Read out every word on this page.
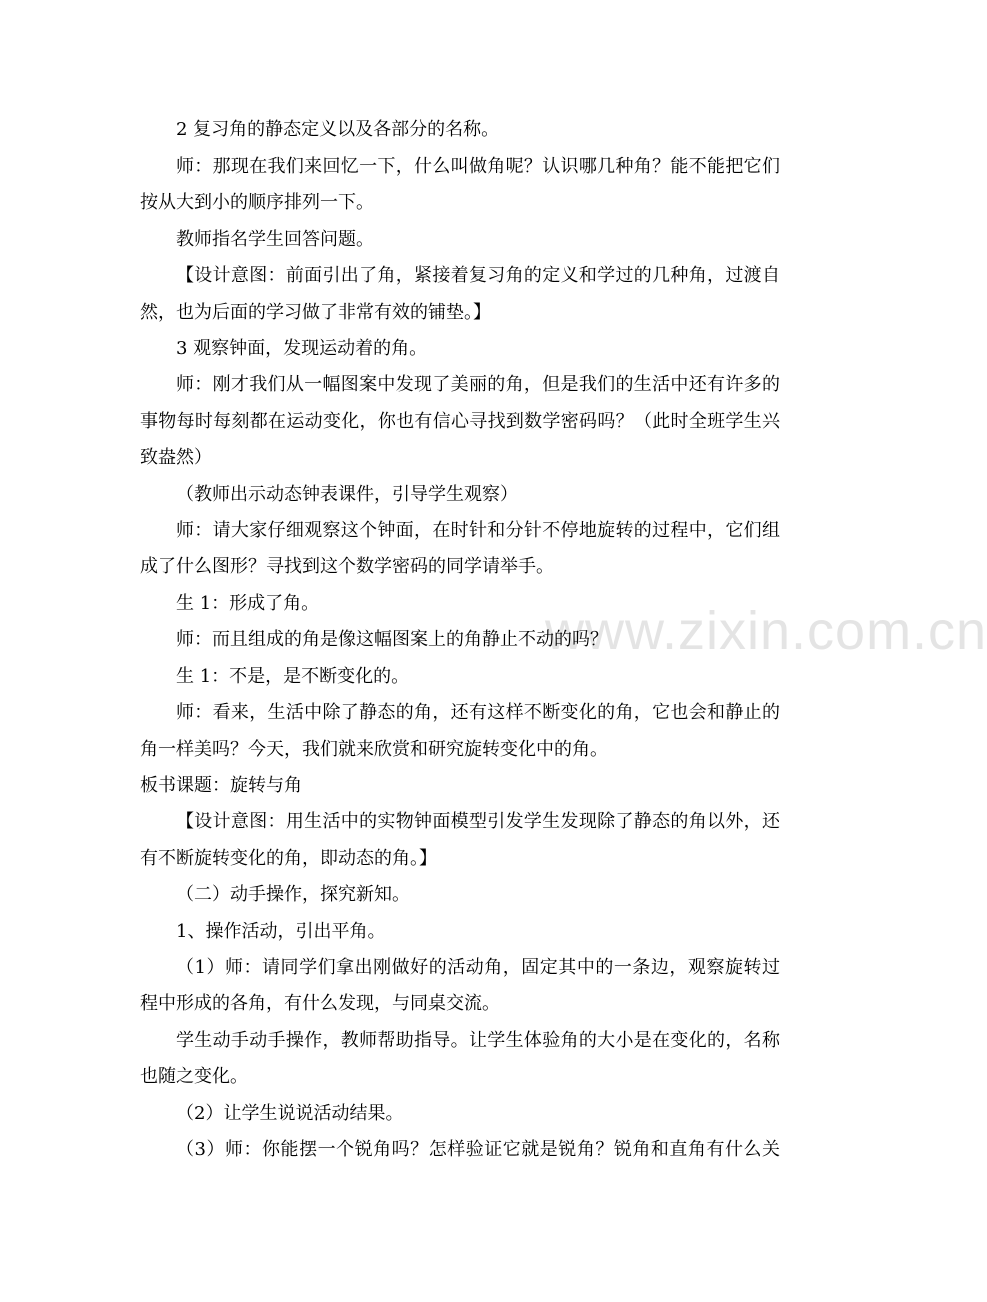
www.zixin.com.cn

2 复习角的静态定义以及各部分的名称。

师：那现在我们来回忆一下，什么叫做角呢？认识哪几种角？能不能把它们

按从大到小的顺序排列一下。

教师指名学生回答问题。

【设计意图：前面引出了角，紧接着复习角的定义和学过的几种角，过渡自

然，也为后面的学习做了非常有效的铺垫。】

3 观察钟面，发现运动着的角。

师：刚才我们从一幅图案中发现了美丽的角，但是我们的生活中还有许多的

事物每时每刻都在运动变化，你也有信心寻找到数学密码吗？（此时全班学生兴

致盎然）

（教师出示动态钟表课件，引导学生观察）

师：请大家仔细观察这个钟面，在时针和分针不停地旋转的过程中，它们组

成了什么图形？寻找到这个数学密码的同学请举手。

生 1：形成了角。

师：而且组成的角是像这幅图案上的角静止不动的吗？

生 1：不是，是不断变化的。

师：看来，生活中除了静态的角，还有这样不断变化的角，它也会和静止的

角一样美吗？今天，我们就来欣赏和研究旋转变化中的角。

板书课题：旋转与角

【设计意图：用生活中的实物钟面模型引发学生发现除了静态的角以外，还

有不断旋转变化的角，即动态的角。】

（二）动手操作，探究新知。

1、操作活动，引出平角。

（1）师：请同学们拿出刚做好的活动角，固定其中的一条边，观察旋转过

程中形成的各角，有什么发现，与同桌交流。

学生动手动手操作，教师帮助指导。让学生体验角的大小是在变化的，名称

也随之变化。

（2）让学生说说活动结果。

（3）师：你能摆一个锐角吗？怎样验证它就是锐角？锐角和直角有什么关
